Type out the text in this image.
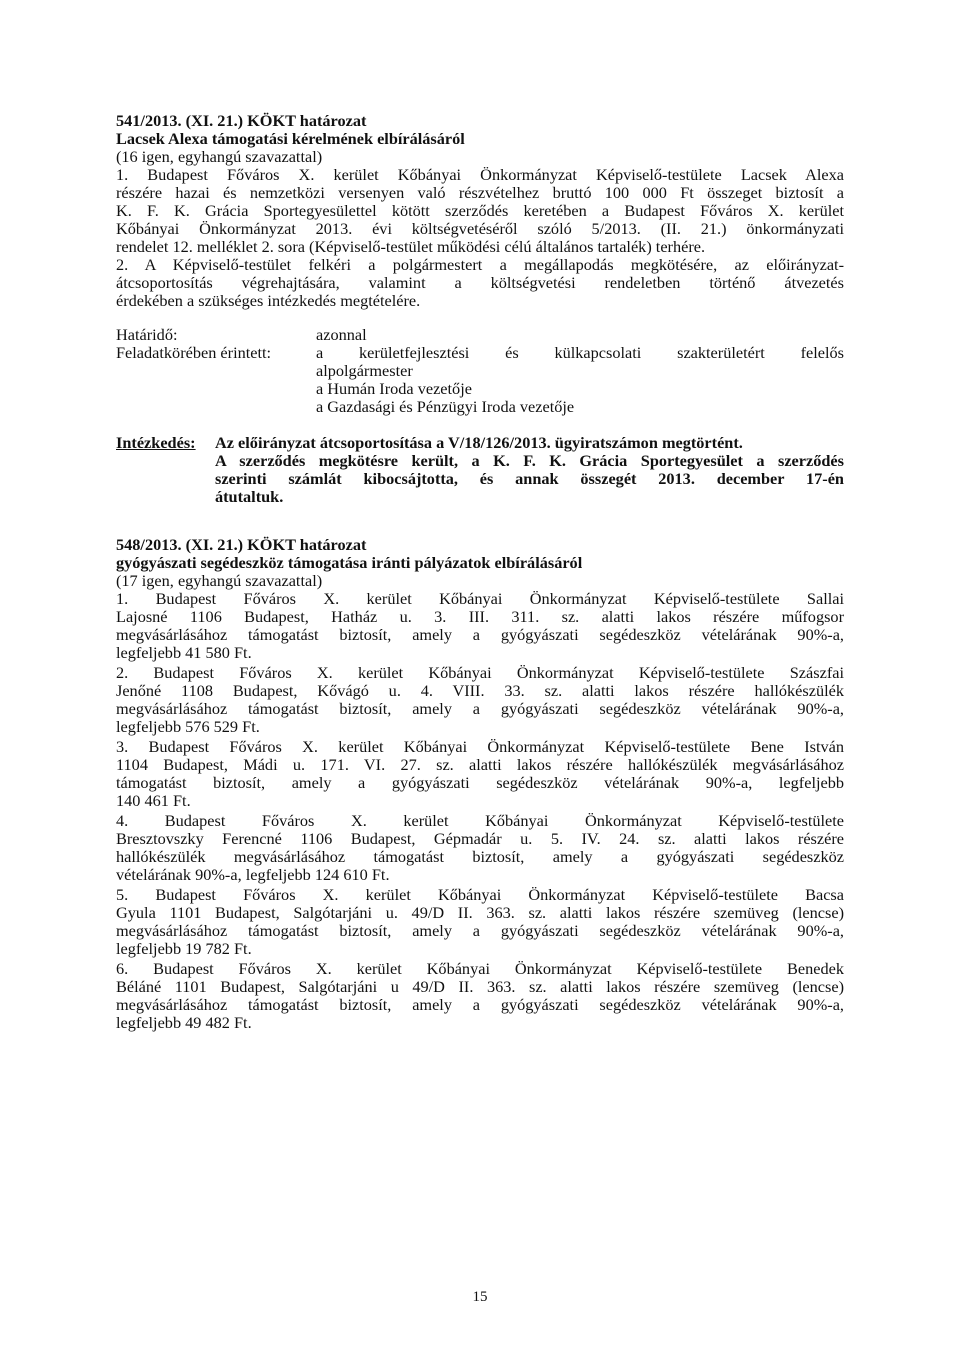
541/2013. (XI. 21.) KÖKT határozat
Lacsek Alexa támogatási kérelmének elbírálásáról
(16 igen, egyhangú szavazattal)
1. Budapest Főváros X. kerület Kőbányai Önkormányzat Képviselő-testülete Lacsek Alexa
részére hazai és nemzetközi versenyen való részvételhez bruttó 100 000 Ft összeget biztosít a
K. F. K. Grácia Sportegyesülettel kötött szerződés keretében a Budapest Főváros X. kerület
Kőbányai Önkormányzat 2013. évi költségvetéséről szóló 5/2013. (II. 21.) önkormányzati
rendelet 12. melléklet 2. sora (Képviselő-testület működési célú általános tartalék) terhére.
2. A Képviselő-testület felkéri a polgármestert a megállapodás megkötésére, az előirányzat-
átcsoportosítás végrehajtására, valamint a költségvetési rendeletben történő átvezetés
érdekében a szükséges intézkedés megtételére.
Határidő:	azonnal
Feladatkörében érintett:	a kerületfejlesztési és külkapcsolati szakterületért felelős
alpolgármester
a Humán Iroda vezetője
a Gazdasági és Pénzügyi Iroda vezetője
Intézkedés: Az előirányzat átcsoportosítása a V/18/126/2013. ügyiratszámon megtörtént.
A szerződés megkötésre került, a K. F. K. Grácia Sportegyesület a szerződés
szerinti számlát kibocsájtotta, és annak összegét 2013. december 17-én
átutaltuk.
548/2013. (XI. 21.) KÖKT határozat
gyógyászati segédeszköz támogatása iránti pályázatok elbírálásáról
(17 igen, egyhangú szavazattal)
1. Budapest Főváros X. kerület Kőbányai Önkormányzat Képviselő-testülete Sallai
Lajosné 1106 Budapest, Hatház u. 3. III. 311. sz. alatti lakos részére műfogsor
megvásárlásához támogatást biztosít, amely a gyógyászati segédeszköz vételárának 90%-a,
legfeljebb 41 580 Ft.
2. Budapest Főváros X. kerület Kőbányai Önkormányzat Képviselő-testülete Szászfai
Jenőné 1108 Budapest, Kővágó u. 4. VIII. 33. sz. alatti lakos részére hallókészülék
megvásárlásához támogatást biztosít, amely a gyógyászati segédeszköz vételárának 90%-a,
legfeljebb 576 529 Ft.
3. Budapest Főváros X. kerület Kőbányai Önkormányzat Képviselő-testülete Bene István
1104 Budapest, Mádi u. 171. VI. 27. sz. alatti lakos részére hallókészülék megvásárlásához
támogatást biztosít, amely a gyógyászati segédeszköz vételárának 90%-a, legfeljebb
140 461 Ft.
4. Budapest Főváros X. kerület Kőbányai Önkormányzat Képviselő-testülete
Bresztovszky Ferencné 1106 Budapest, Gépmadár u. 5. IV. 24. sz. alatti lakos részére
hallókészülék megvásárlásához támogatást biztosít, amely a gyógyászati segédeszköz
vételárának 90%-a, legfeljebb 124 610 Ft.
5. Budapest Főváros X. kerület Kőbányai Önkormányzat Képviselő-testülete Bacsa
Gyula 1101 Budapest, Salgótarjáni u. 49/D II. 363. sz. alatti lakos részére szemüveg (lencse)
megvásárlásához támogatást biztosít, amely a gyógyászati segédeszköz vételárának 90%-a,
legfeljebb 19 782 Ft.
6. Budapest Főváros X. kerület Kőbányai Önkormányzat Képviselő-testülete Benedek
Béláné 1101 Budapest, Salgótarjáni u 49/D II. 363. sz. alatti lakos részére szemüveg (lencse)
megvásárlásához támogatást biztosít, amely a gyógyászati segédeszköz vételárának 90%-a,
legfeljebb 49 482 Ft.
15
